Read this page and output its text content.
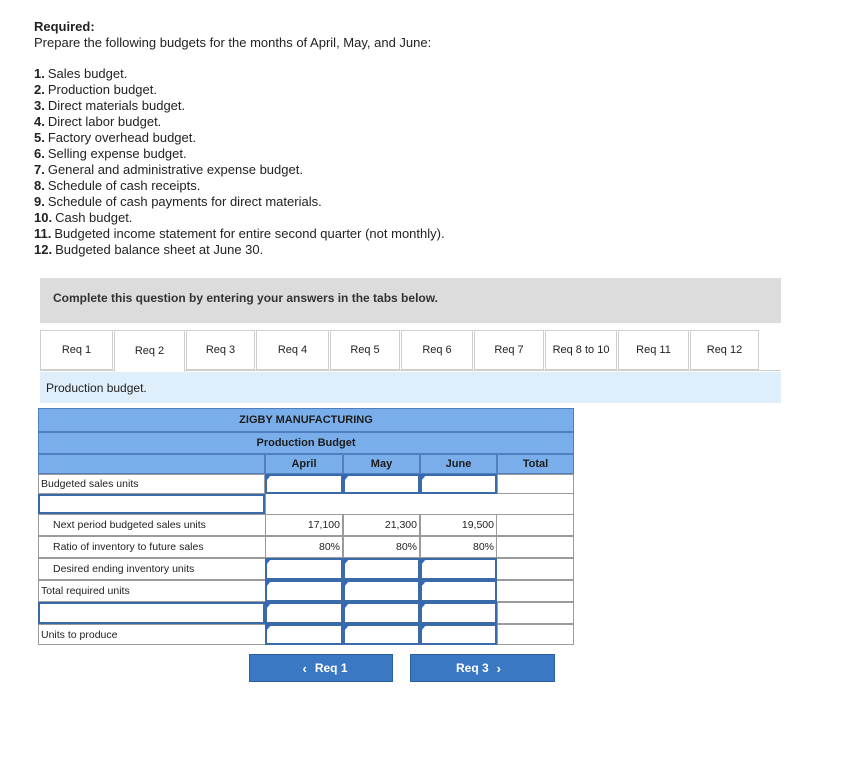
Required:
Prepare the following budgets for the months of April, May, and June:
1. Sales budget.
2. Production budget.
3. Direct materials budget.
4. Direct labor budget.
5. Factory overhead budget.
6. Selling expense budget.
7. General and administrative expense budget.
8. Schedule of cash receipts.
9. Schedule of cash payments for direct materials.
10. Cash budget.
11. Budgeted income statement for entire second quarter (not monthly).
12. Budgeted balance sheet at June 30.
Complete this question by entering your answers in the tabs below.
Req 1	Req 2	Req 3	Req 4	Req 5	Req 6	Req 7	Req 8 to 10	Req 11	Req 12
Production budget.
ZIGBY MANUFACTURING
Production Budget
April	May	June	Total
Budgeted sales units
Next period budgeted sales units	17,100	21,300	19,500
Ratio of inventory to future sales	80%	80%	80%
Desired ending inventory units
Total required units
Units to produce
‹ Req 1	Req 3 ›
